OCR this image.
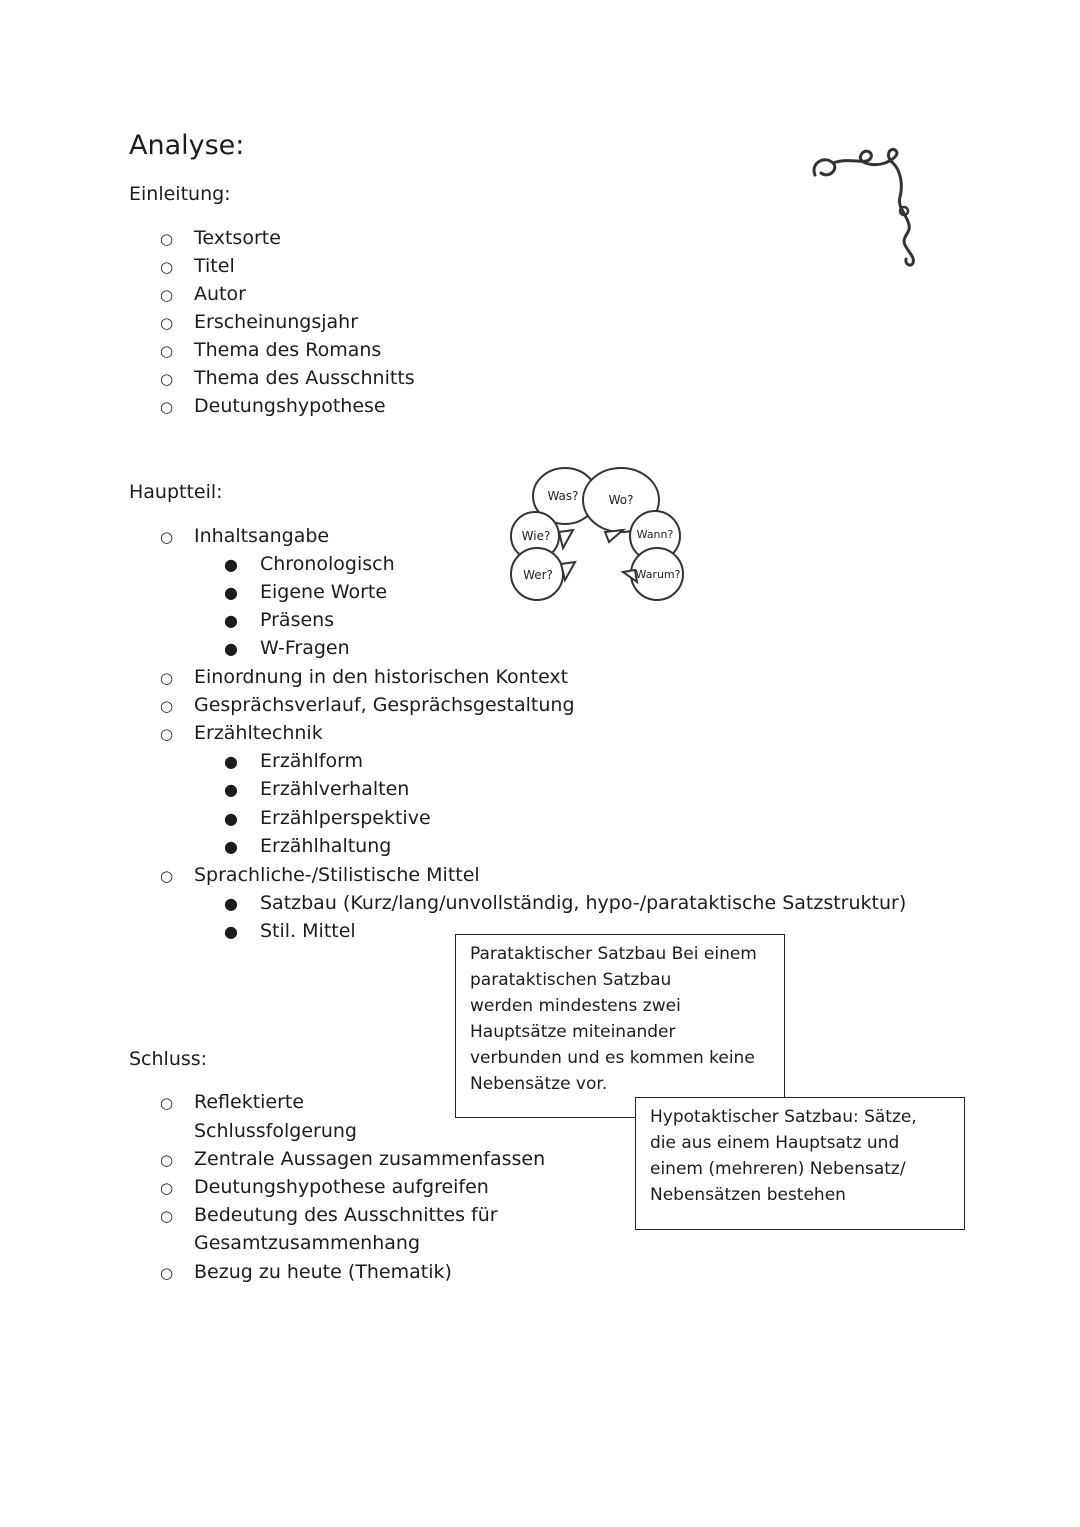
Analyse:
Einleitung:
○ Textsorte
○ Titel
○ Autor
○ Erscheinungsjahr
○ Thema des Romans
○ Thema des Ausschnitts
○ Deutungshypothese
Hauptteil:	Was?	Wo?
Wie?	Wann?
Wer?	Warum?
○ Inhaltsangabe
● Chronologisch
● Eigene Worte
● Präsens
● W-Fragen
○ Einordnung in den historischen Kontext
○ Gesprächsverlauf, Gesprächsgestaltung
○ Erzähltechnik
● Erzählform
● Erzählverhalten
● Erzählperspektive
● Erzählhaltung
○ Sprachliche-/Stilistische Mittel
● Satzbau (Kurz/lang/unvollständig, hypo-/parataktische Satzstruktur)
● Stil. Mittel

Parataktischer Satzbau Bei einem

parataktischen Satzbau

werden mindestens zwei

Hauptsätze miteinander

verbunden und es kommen keine

Nebensätze vor.

Schluss:
○ Reflektierte
Schlussfolgerung
○ Zentrale Aussagen zusammenfassen
○ Deutungshypothese aufgreifen
○ Bedeutung des Ausschnittes für
Gesamtzusammenhang
○ Bezug zu heute (Thematik)

Hypotaktischer Satzbau: Sätze,

die aus einem Hauptsatz und

einem (mehreren) Nebensatz/

Nebensätzen bestehen
